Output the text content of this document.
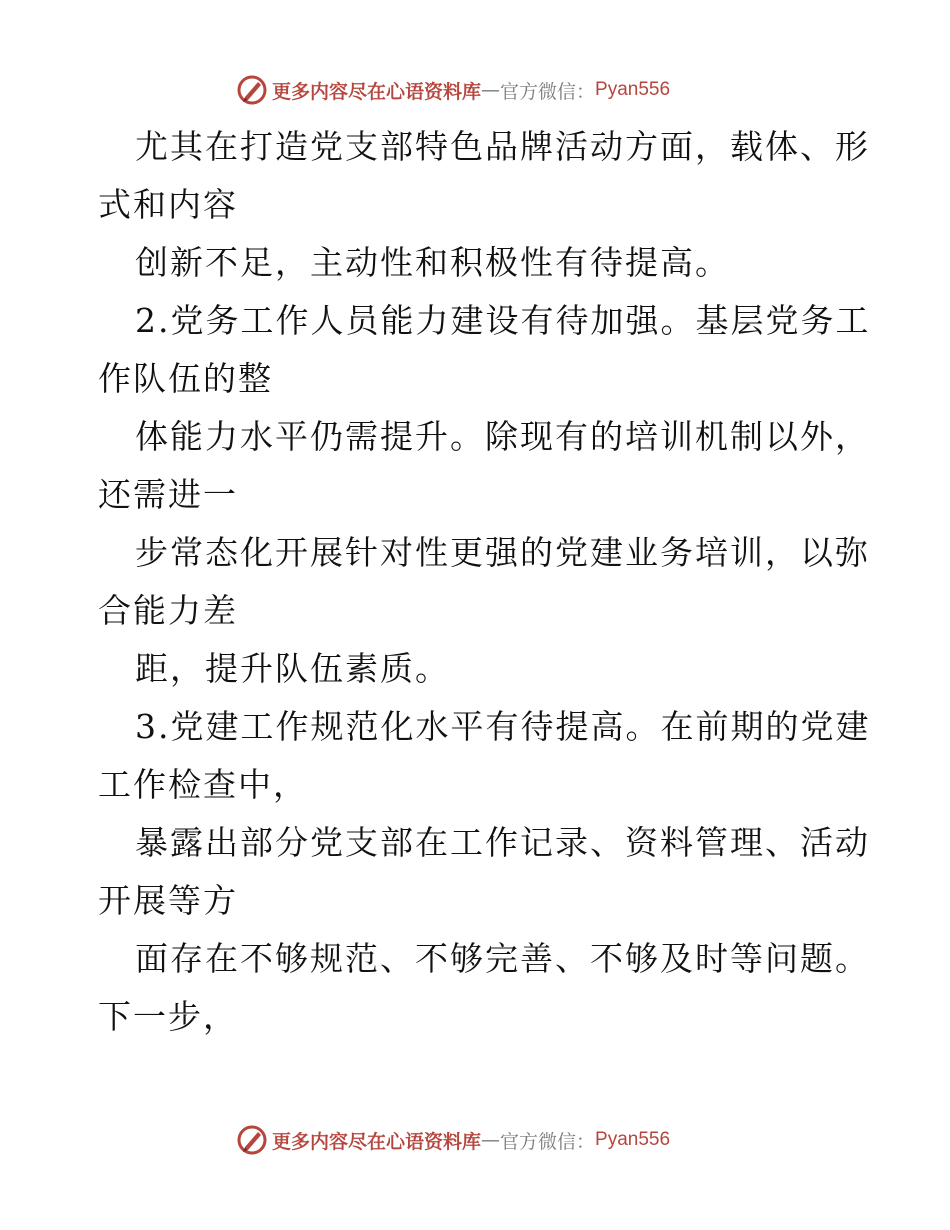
更多内容尽在心语资料库 — 官方微信： Pyan556
尤其在打造党支部特色品牌活动方面，载体、形
式和内容
创新不足，主动性和积极性有待提高。
2.党务工作人员能力建设有待加强。基层党务工
作队伍的整
体能力水平仍需提升。除现有的培训机制以外，
还需进一
步常态化开展针对性更强的党建业务培训，以弥
合能力差
距，提升队伍素质。
3.党建工作规范化水平有待提高。在前期的党建
工作检查中，
暴露出部分党支部在工作记录、资料管理、活动
开展等方
面存在不够规范、不够完善、不够及时等问题。
下一步，
更多内容尽在心语资料库 — 官方微信： Pyan556
